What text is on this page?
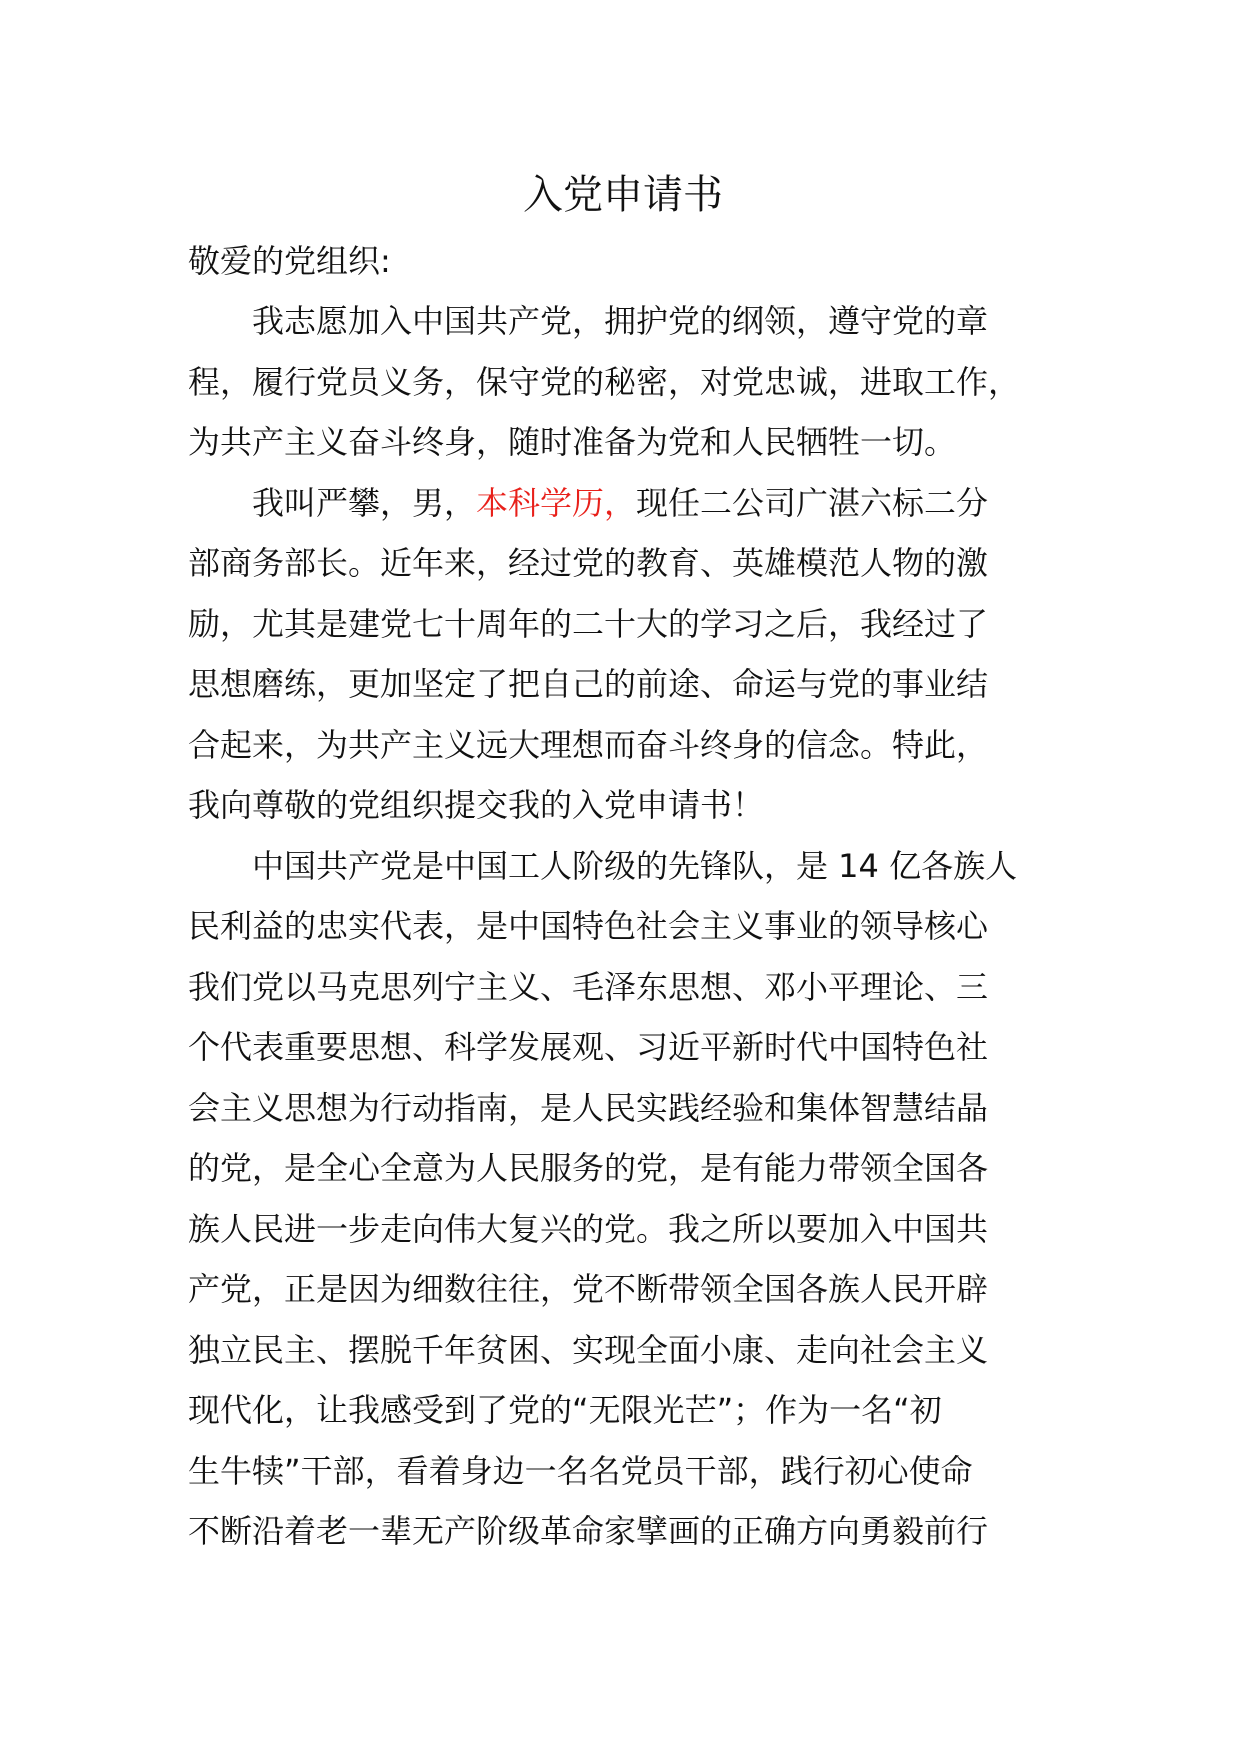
入党申请书
敬爱的党组织:
我志愿加入中国共产党，拥护党的纲领，遵守党的章
程，履行党员义务，保守党的秘密，对党忠诚，进取工作，
为共产主义奋斗终身，随时准备为党和人民牺牲一切。
我叫严攀，男，本科学历，现任二公司广湛六标二分
部商务部长。近年来，经过党的教育、英雄模范人物的激
励，尤其是建党七十周年的二十大的学习之后，我经过了
思想磨练，更加坚定了把自己的前途、命运与党的事业结
合起来，为共产主义远大理想而奋斗终身的信念。特此，
我向尊敬的党组织提交我的入党申请书！
中国共产党是中国工人阶级的先锋队，是 14 亿各族人
民利益的忠实代表，是中国特色社会主义事业的领导核心
我们党以马克思列宁主义、毛泽东思想、邓小平理论、三
个代表重要思想、科学发展观、习近平新时代中国特色社
会主义思想为行动指南，是人民实践经验和集体智慧结晶
的党，是全心全意为人民服务的党，是有能力带领全国各
族人民进一步走向伟大复兴的党。我之所以要加入中国共
产党，正是因为细数往往，党不断带领全国各族人民开辟
独立民主、摆脱千年贫困、实现全面小康、走向社会主义
现代化，让我感受到了党的“无限光芒”；作为一名“初
生牛犊”干部，看着身边一名名党员干部，践行初心使命
不断沿着老一辈无产阶级革命家擘画的正确方向勇毅前行
